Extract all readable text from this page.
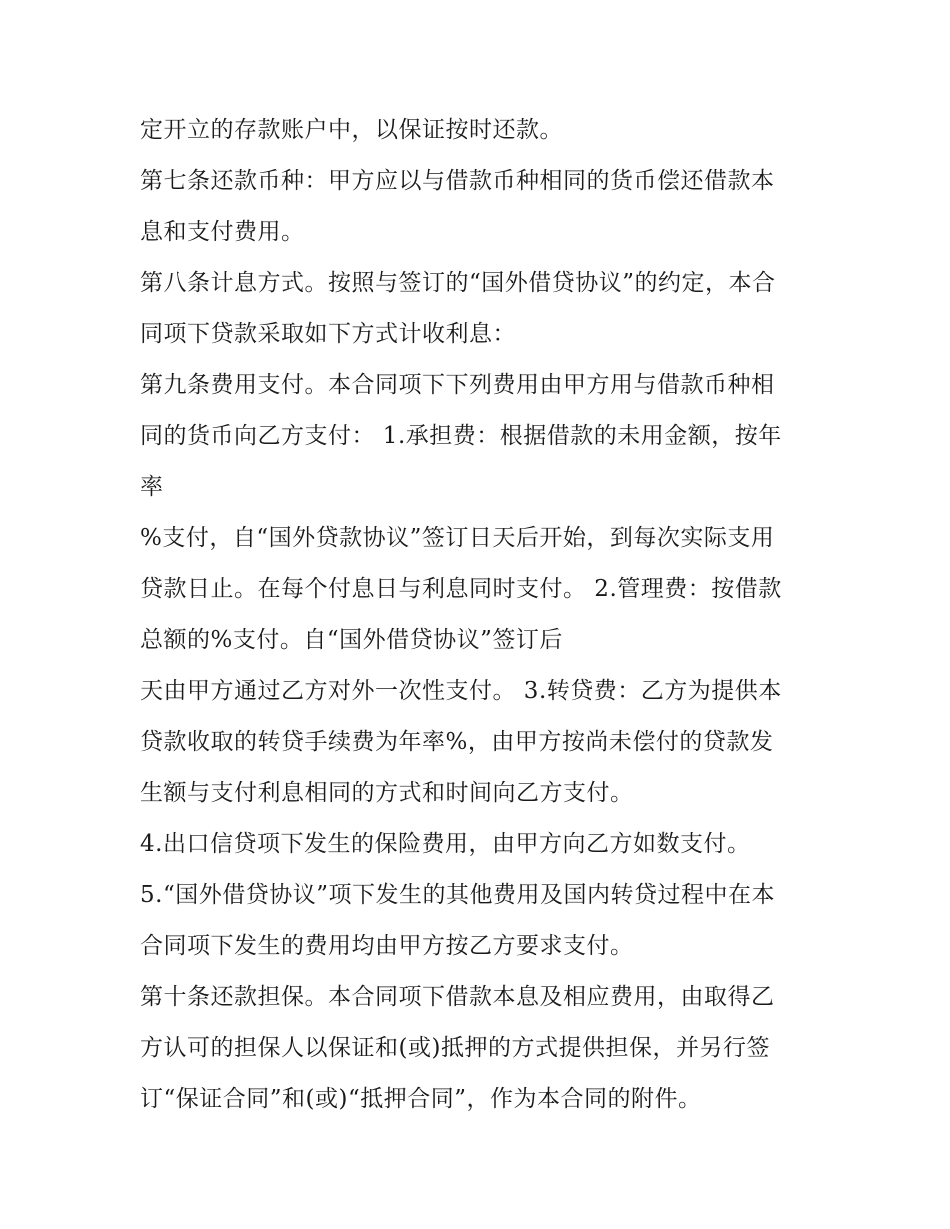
定开立的存款账户中，以保证按时还款。
第七条还款币种：甲方应以与借款币种相同的货币偿还借款本
息和支付费用。
第八条计息方式。按照与签订的“国外借贷协议”的约定，本合
同项下贷款采取如下方式计收利息：
第九条费用支付。本合同项下下列费用由甲方用与借款币种相
同的货币向乙方支付： 1.承担费：根据借款的未用金额，按年
率
%支付，自“国外贷款协议”签订日天后开始，到每次实际支用
贷款日止。在每个付息日与利息同时支付。 2.管理费：按借款
总额的%支付。自“国外借贷协议”签订后
天由甲方通过乙方对外一次性支付。 3.转贷费：乙方为提供本
贷款收取的转贷手续费为年率%，由甲方按尚未偿付的贷款发
生额与支付利息相同的方式和时间向乙方支付。
4.出口信贷项下发生的保险费用，由甲方向乙方如数支付。
5.“国外借贷协议”项下发生的其他费用及国内转贷过程中在本
合同项下发生的费用均由甲方按乙方要求支付。
第十条还款担保。本合同项下借款本息及相应费用，由取得乙
方认可的担保人以保证和(或)抵押的方式提供担保，并另行签
订“保证合同”和(或)“抵押合同”，作为本合同的附件。
